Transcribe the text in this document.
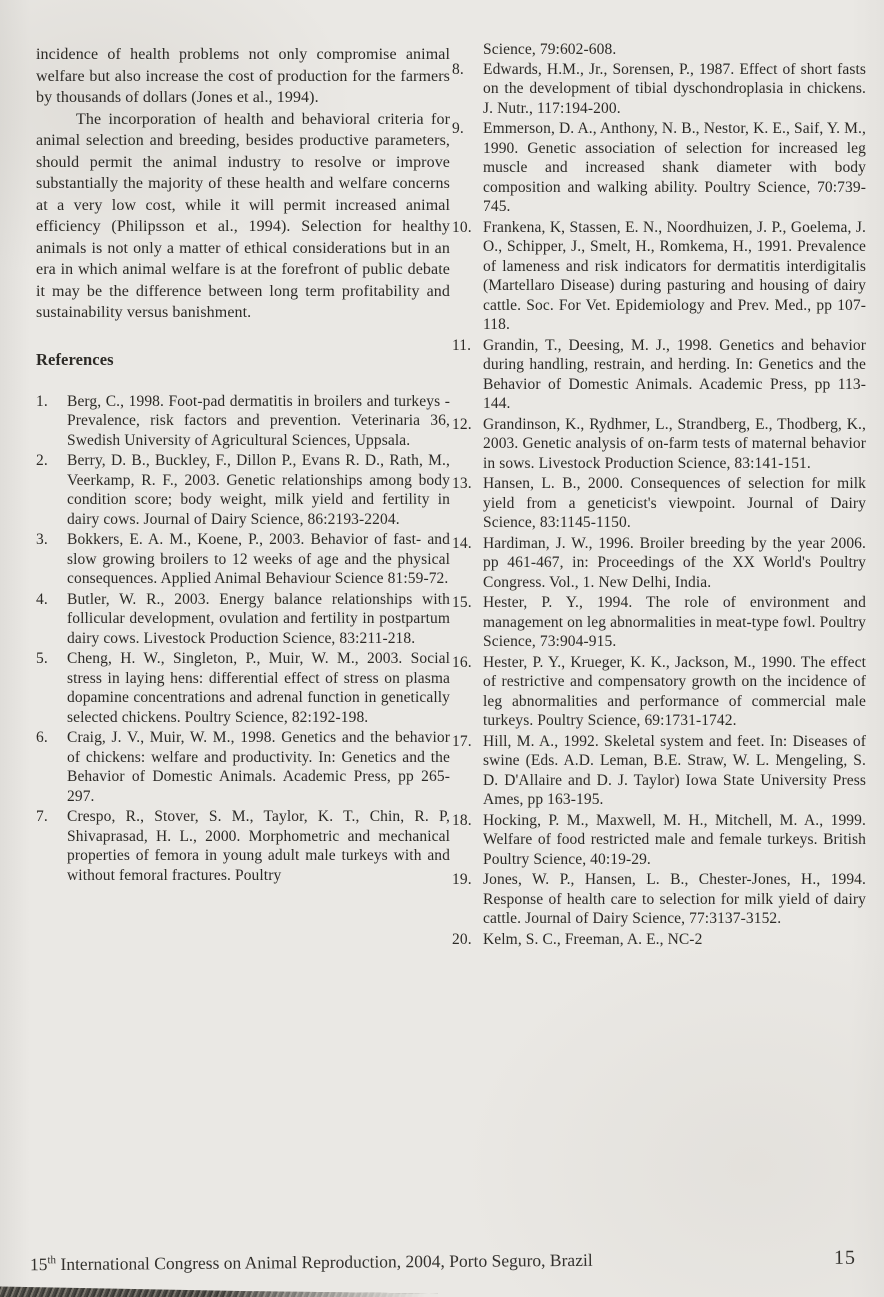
incidence of health problems not only compromise animal welfare but also increase the cost of production for the farmers by thousands of dollars (Jones et al., 1994).

The incorporation of health and behavioral criteria for animal selection and breeding, besides productive parameters, should permit the animal industry to resolve or improve substantially the majority of these health and welfare concerns at a very low cost, while it will permit increased animal efficiency (Philipsson et al., 1994). Selection for healthy animals is not only a matter of ethical considerations but in an era in which animal welfare is at the forefront of public debate it may be the difference between long term profitability and sustainability versus banishment.

References
1.	Berg, C., 1998. Foot-pad dermatitis in broilers and turkeys - Prevalence, risk factors and prevention. Veterinaria 36, Swedish University of Agricultural Sciences, Uppsala.
2.	Berry, D. B., Buckley, F., Dillon P., Evans R. D., Rath, M., Veerkamp, R. F., 2003. Genetic relationships among body condition score; body weight, milk yield and fertility in dairy cows. Journal of Dairy Science, 86:2193-2204.
3.	Bokkers, E. A. M., Koene, P., 2003. Behavior of fast- and slow growing broilers to 12 weeks of age and the physical consequences. Applied Animal Behaviour Science 81:59-72.
4.	Butler, W. R., 2003. Energy balance relationships with follicular development, ovulation and fertility in postpartum dairy cows. Livestock Production Science, 83:211-218.
5.	Cheng, H. W., Singleton, P., Muir, W. M., 2003. Social stress in laying hens: differential effect of stress on plasma dopamine concentrations and adrenal function in genetically selected chickens. Poultry Science, 82:192-198.
6.	Craig, J. V., Muir, W. M., 1998. Genetics and the behavior of chickens: welfare and productivity. In: Genetics and the Behavior of Domestic Animals. Academic Press, pp 265-297.
7.	Crespo, R., Stover, S. M., Taylor, K. T., Chin, R. P, Shivaprasad, H. L., 2000. Morphometric and mechanical properties of femora in young adult male turkeys with and without femoral fractures. Poultry
Science, 79:602-608.
8.	Edwards, H.M., Jr., Sorensen, P., 1987. Effect of short fasts on the development of tibial dyschondroplasia in chickens. J. Nutr., 117:194-200.
9.	Emmerson, D. A., Anthony, N. B., Nestor, K. E., Saif, Y. M., 1990. Genetic association of selection for increased leg muscle and increased shank diameter with body composition and walking ability. Poultry Science, 70:739-745.
10. Frankena, K, Stassen, E. N., Noordhuizen, J. P., Goelema, J. O., Schipper, J., Smelt, H., Romkema, H., 1991. Prevalence of lameness and risk indicators for dermatitis interdigitalis (Martellaro Disease) during pasturing and housing of dairy cattle. Soc. For Vet. Epidemiology and Prev. Med., pp 107-118.
11. Grandin, T., Deesing, M. J., 1998. Genetics and behavior during handling, restrain, and herding. In: Genetics and the Behavior of Domestic Animals. Academic Press, pp 113-144.
12. Grandinson, K., Rydhmer, L., Strandberg, E., Thodberg, K., 2003. Genetic analysis of on-farm tests of maternal behavior in sows. Livestock Production Science, 83:141-151.
13. Hansen, L. B., 2000. Consequences of selection for milk yield from a geneticist's viewpoint. Journal of Dairy Science, 83:1145-1150.
14. Hardiman, J. W., 1996. Broiler breeding by the year 2006. pp 461-467, in: Proceedings of the XX World's Poultry Congress. Vol., 1. New Delhi, India.
15. Hester, P. Y., 1994. The role of environment and management on leg abnormalities in meat-type fowl. Poultry Science, 73:904-915.
16. Hester, P. Y., Krueger, K. K., Jackson, M., 1990. The effect of restrictive and compensatory growth on the incidence of leg abnormalities and performance of commercial male turkeys. Poultry Science, 69:1731-1742.
17. Hill, M. A., 1992. Skeletal system and feet. In: Diseases of swine (Eds. A.D. Leman, B.E. Straw, W. L. Mengeling, S. D. D'Allaire and D. J. Taylor) Iowa State University Press Ames, pp 163-195.
18. Hocking, P. M., Maxwell, M. H., Mitchell, M. A., 1999. Welfare of food restricted male and female turkeys. British Poultry Science, 40:19-29.
19. Jones, W. P., Hansen, L. B., Chester-Jones, H., 1994. Response of health care to selection for milk yield of dairy cattle. Journal of Dairy Science, 77:3137-3152.
20. Kelm, S. C., Freeman, A. E., NC-2
15th International Congress on Animal Reproduction, 2004, Porto Seguro, Brazil	15
